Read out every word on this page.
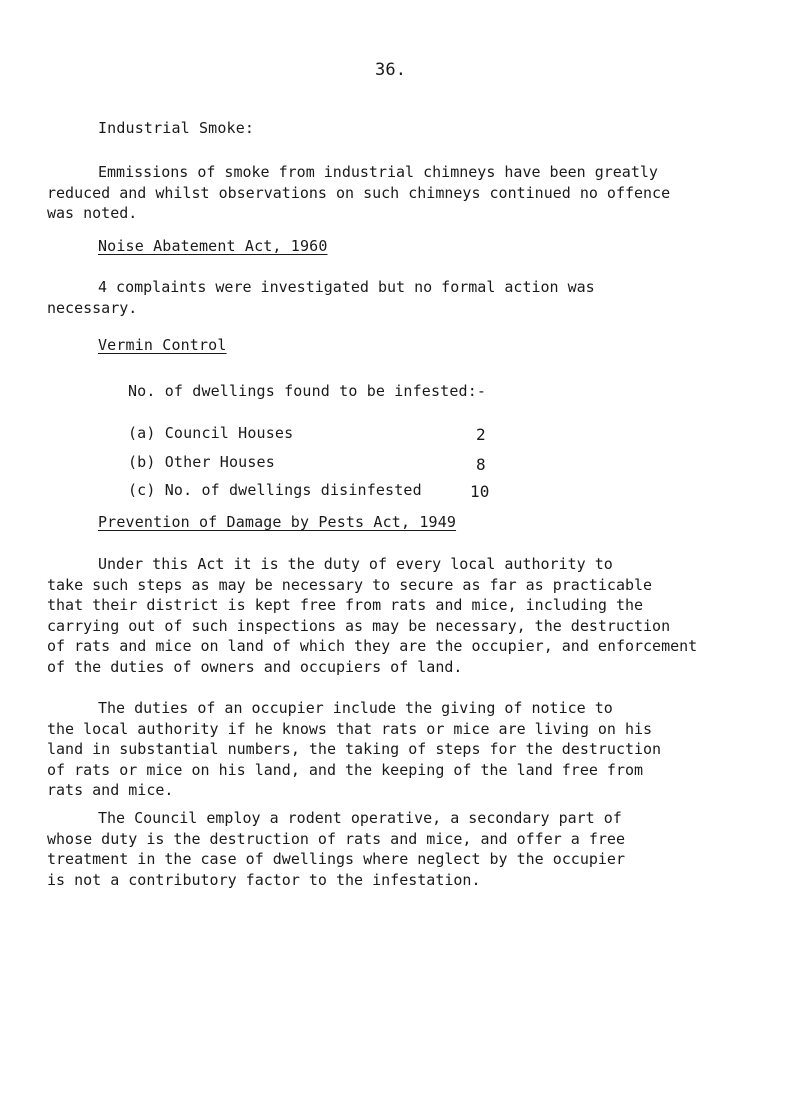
36.
Industrial Smoke:
Emmissions of smoke from industrial chimneys have been greatly
reduced and whilst observations on such chimneys continued no offence
was noted.
Noise Abatement Act, 1960
4 complaints were investigated but no formal action was
necessary.
Vermin Control
No. of dwellings found to be infested:-
(a) Council Houses	2
(b) Other Houses	8
(c) No. of dwellings disinfested	10
Prevention of Damage by Pests Act, 1949
Under this Act it is the duty of every local authority to
take such steps as may be necessary to secure as far as practicable
that their district is kept free from rats and mice, including the
carrying out of such inspections as may be necessary, the destruction
of rats and mice on land of which they are the occupier, and enforcement
of the duties of owners and occupiers of land.
The duties of an occupier include the giving of notice to
the local authority if he knows that rats or mice are living on his
land in substantial numbers, the taking of steps for the destruction
of rats or mice on his land, and the keeping of the land free from
rats and mice.
The Council employ a rodent operative, a secondary part of
whose duty is the destruction of rats and mice, and offer a free
treatment in the case of dwellings where neglect by the occupier
is not a contributory factor to the infestation.
